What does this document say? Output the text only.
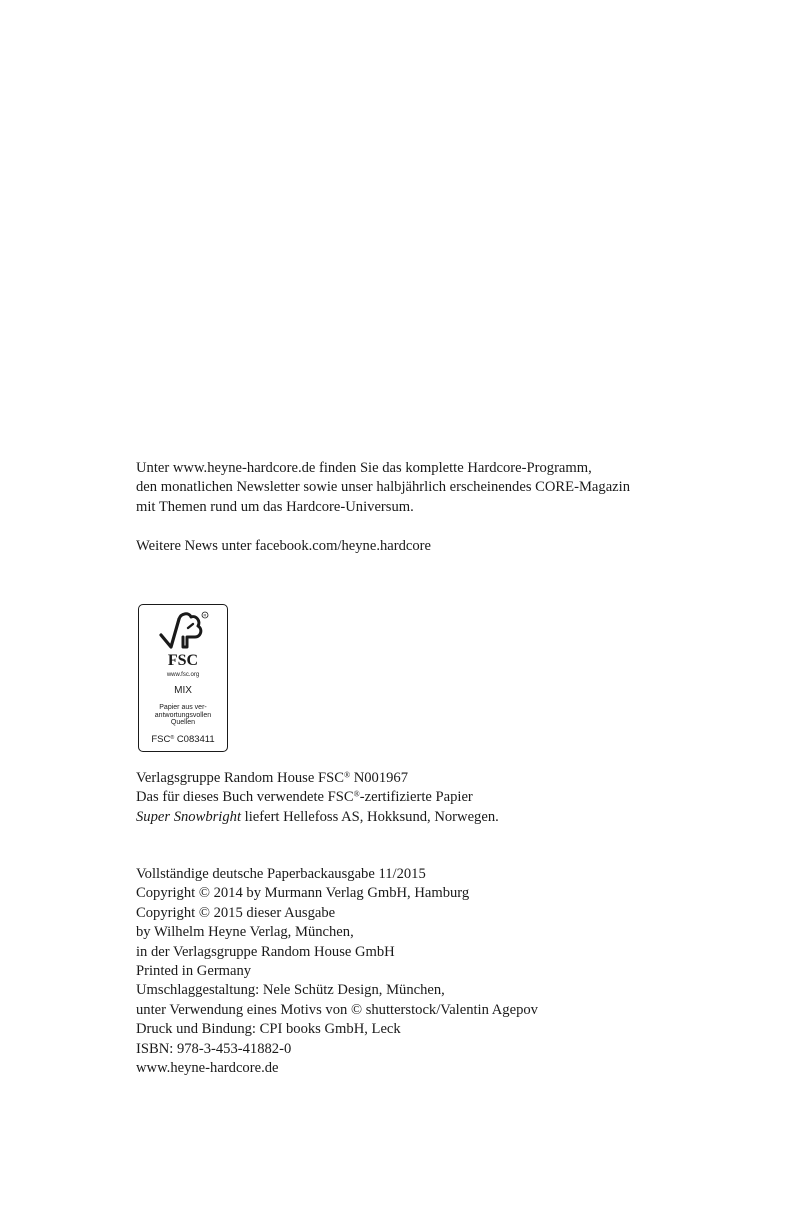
Unter www.heyne-hardcore.de finden Sie das komplette Hardcore-Programm,
den monatlichen Newsletter sowie unser halbjährlich erscheinendes CORE-Magazin
mit Themen rund um das Hardcore-Universum.
Weitere News unter facebook.com/heyne.hardcore
R
FSC
www.fsc.org
MIX
Papier aus ver-
antwortungsvollen
Quellen
FSC® C083411
Verlagsgruppe Random House FSC® N001967
Das für dieses Buch verwendete FSC®-zertifizierte Papier
Super Snowbright liefert Hellefoss AS, Hokksund, Norwegen.
Vollständige deutsche Paperbackausgabe 11/2015
Copyright © 2014 by Murmann Verlag GmbH, Hamburg
Copyright © 2015 dieser Ausgabe
by Wilhelm Heyne Verlag, München,
in der Verlagsgruppe Random House GmbH
Printed in Germany
Umschlaggestaltung: Nele Schütz Design, München,
unter Verwendung eines Motivs von © shutterstock/Valentin Agepov
Druck und Bindung: CPI books GmbH, Leck
ISBN: 978-3-453-41882-0
www.heyne-hardcore.de
